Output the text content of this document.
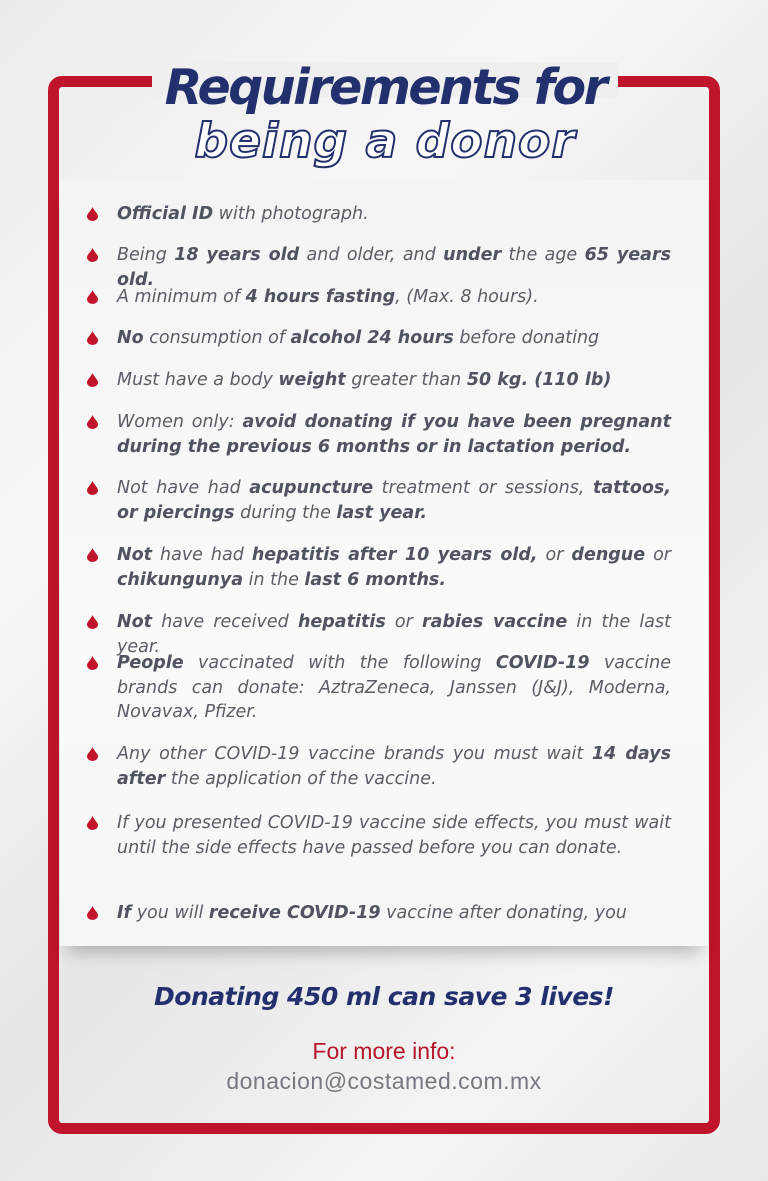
Requirements for
being a donor
Official ID with photograph.
Being 18 years old and older, and under the age 65 years old.
A minimum of 4 hours fasting, (Max. 8 hours).
No consumption of alcohol 24 hours before donating
Must have a body weight greater than 50 kg. (110 lb)
Women only: avoid donating if you have been pregnant during the previous 6 months or in lactation period.
Not have had acupuncture treatment or sessions, tattoos, or piercings during the last year.
Not have had hepatitis after 10 years old, or dengue or chikungunya in the last 6 months.
Not have received hepatitis or rabies vaccine in the last year.
People vaccinated with the following COVID-19 vaccine brands can donate: AztraZeneca, Janssen (J&J), Moderna, Novavax, Pfizer.
Any other COVID-19 vaccine brands you must wait 14 days after the application of the vaccine.
If you presented COVID-19 vaccine side effects, you must wait until the side effects have passed before you can donate.
If you will receive COVID-19 vaccine after donating, you
Donating 450 ml can save 3 lives!
For more info:
donacion@costamed.com.mx
